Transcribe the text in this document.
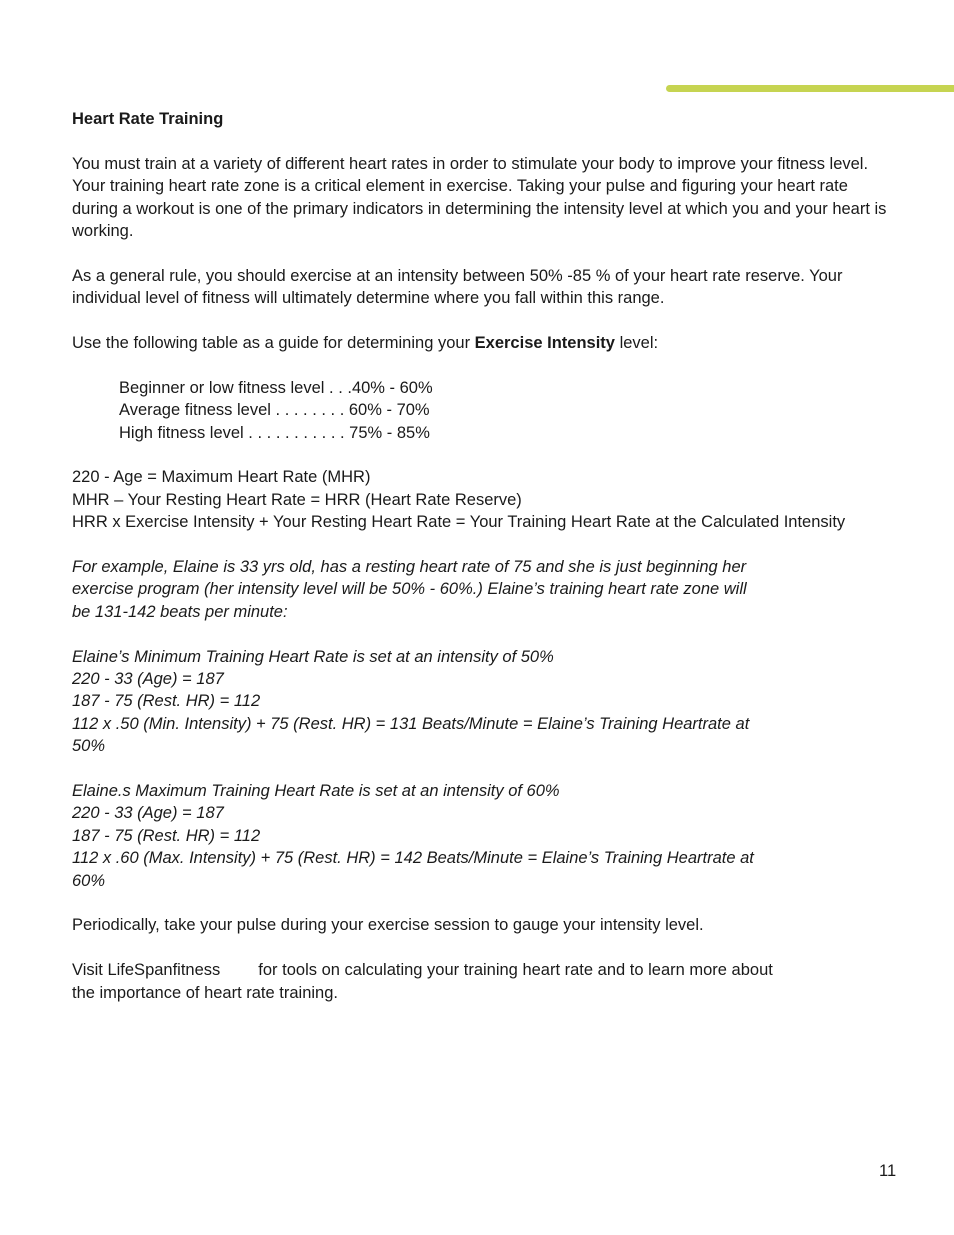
Heart Rate Training

You must train at a variety of different heart rates in order to stimulate your body to improve your fitness level. Your training heart rate zone is a critical element in exercise. Taking your pulse and figuring your heart rate during a workout is one of the primary indicators in determining the intensity level at which you and your heart is working.

As a general rule, you should exercise at an intensity between 50% -85 % of your heart rate reserve. Your individual level of fitness will ultimately determine where you fall within this range.

Use the following table as a guide for determining your Exercise Intensity level:

Beginner or low fitness level . . .40% - 60%
Average fitness level . . . . . . . . 60% - 70%
High fitness level . . . . . . . . . . . 75% - 85%

220 - Age = Maximum Heart Rate (MHR)
MHR – Your Resting Heart Rate = HRR (Heart Rate Reserve)
HRR x Exercise Intensity + Your Resting Heart Rate = Your Training Heart Rate at the Calculated Intensity

For example, Elaine is 33 yrs old, has a resting heart rate of 75 and she is just beginning her
exercise program (her intensity level will be 50% - 60%.) Elaine’s training heart rate zone will
be 131-142 beats per minute:

Elaine’s Minimum Training Heart Rate is set at an intensity of 50%
220 - 33 (Age) = 187
187 - 75 (Rest. HR) = 112
112 x .50 (Min. Intensity) + 75 (Rest. HR) = 131 Beats/Minute = Elaine’s Training Heartrate at
50%

Elaine.s Maximum Training Heart Rate is set at an intensity of 60%
220 - 33 (Age) = 187
187 - 75 (Rest. HR) = 112
112 x .60 (Max. Intensity) + 75 (Rest. HR) = 142 Beats/Minute = Elaine’s Training Heartrate at
60%

Periodically, take your pulse during your exercise session to gauge your intensity level.

Visit LifeSpanfitness for tools on calculating your training heart rate and to learn more about
the importance of heart rate training.

11
